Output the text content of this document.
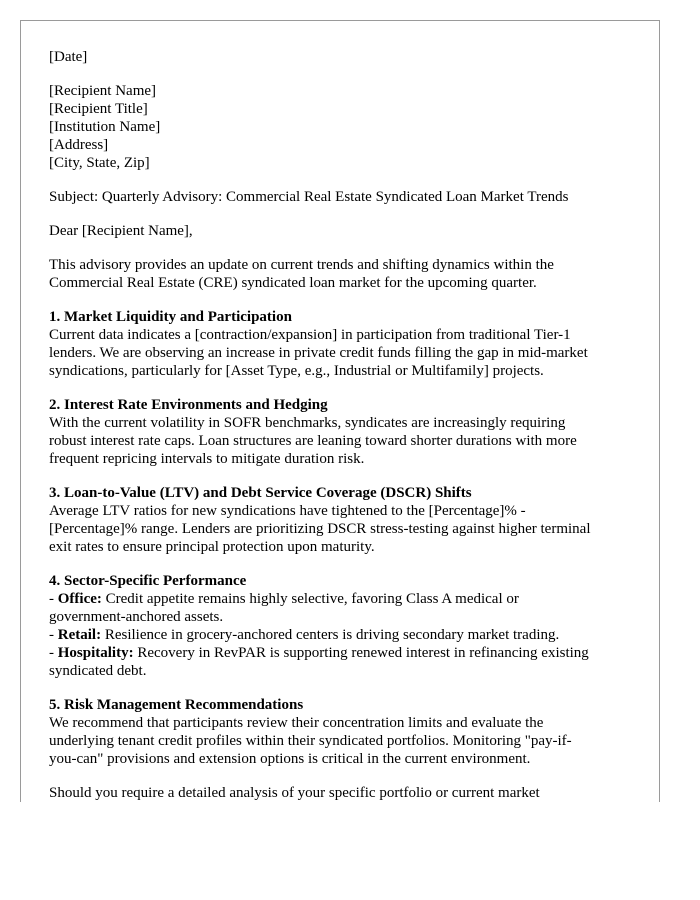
[Date]
[Recipient Name]
[Recipient Title]
[Institution Name]
[Address]
[City, State, Zip]
Subject: Quarterly Advisory: Commercial Real Estate Syndicated Loan Market Trends
Dear [Recipient Name],
This advisory provides an update on current trends and shifting dynamics within the
Commercial Real Estate (CRE) syndicated loan market for the upcoming quarter.
1. Market Liquidity and Participation
Current data indicates a [contraction/expansion] in participation from traditional Tier-1
lenders. We are observing an increase in private credit funds filling the gap in mid-market
syndications, particularly for [Asset Type, e.g., Industrial or Multifamily] projects.
2. Interest Rate Environments and Hedging
With the current volatility in SOFR benchmarks, syndicates are increasingly requiring
robust interest rate caps. Loan structures are leaning toward shorter durations with more
frequent repricing intervals to mitigate duration risk.
3. Loan-to-Value (LTV) and Debt Service Coverage (DSCR) Shifts
Average LTV ratios for new syndications have tightened to the [Percentage]% -
[Percentage]% range. Lenders are prioritizing DSCR stress-testing against higher terminal
exit rates to ensure principal protection upon maturity.
4. Sector-Specific Performance
- Office: Credit appetite remains highly selective, favoring Class A medical or
government-anchored assets.
- Retail: Resilience in grocery-anchored centers is driving secondary market trading.
- Hospitality: Recovery in RevPAR is supporting renewed interest in refinancing existing
syndicated debt.
5. Risk Management Recommendations
We recommend that participants review their concentration limits and evaluate the
underlying tenant credit profiles within their syndicated portfolios. Monitoring "pay-if-
you-can" provisions and extension options is critical in the current environment.
Should you require a detailed analysis of your specific portfolio or current market
